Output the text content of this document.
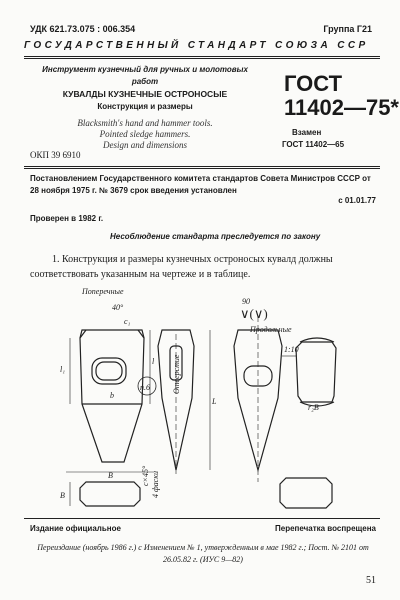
УДК 621.73.075 : 006.354	Группа Г21
ГОСУДАРСТВЕННЫЙ СТАНДАРТ СОЮЗА ССР
Инструмент кузнечный для ручных и молотовых работ
КУВАЛДЫ КУЗНЕЧНЫЕ ОСТРОНОСЫЕ
Конструкция и размеры
Blacksmith's hand and hammer tools.
Pointed sledge hammers.
Design and dimensions
ГОСТ
11402—75*
Взамен
ГОСТ 11402—65
ОКП 39 6910
Постановлением Государственного комитета стандартов Совета Министров СССР от 28 ноября 1975 г. № 3679 срок введения установлен
с 01.01.77
Проверен в 1982 г.
Несоблюдение стандарта преследуется по закону
1. Конструкция и размеры кузнечных остроносых кувалд должны соответствовать указанным на чертеже и в таблице.
Поперечные
Продольные
90
∨(∨)
40°
c₁
l₁
l
L
b
B
B
п.6
1:10
r₂B
с×45° 4 фаски
Отверстие
Издание официальное	Перепечатка воспрещена
Переиздание (ноябрь 1986 г.) с Изменением № 1, утвержденным в мае 1982 г.; Пост. № 2101 от 26.05.82 г. (ИУС 9—82)
51
